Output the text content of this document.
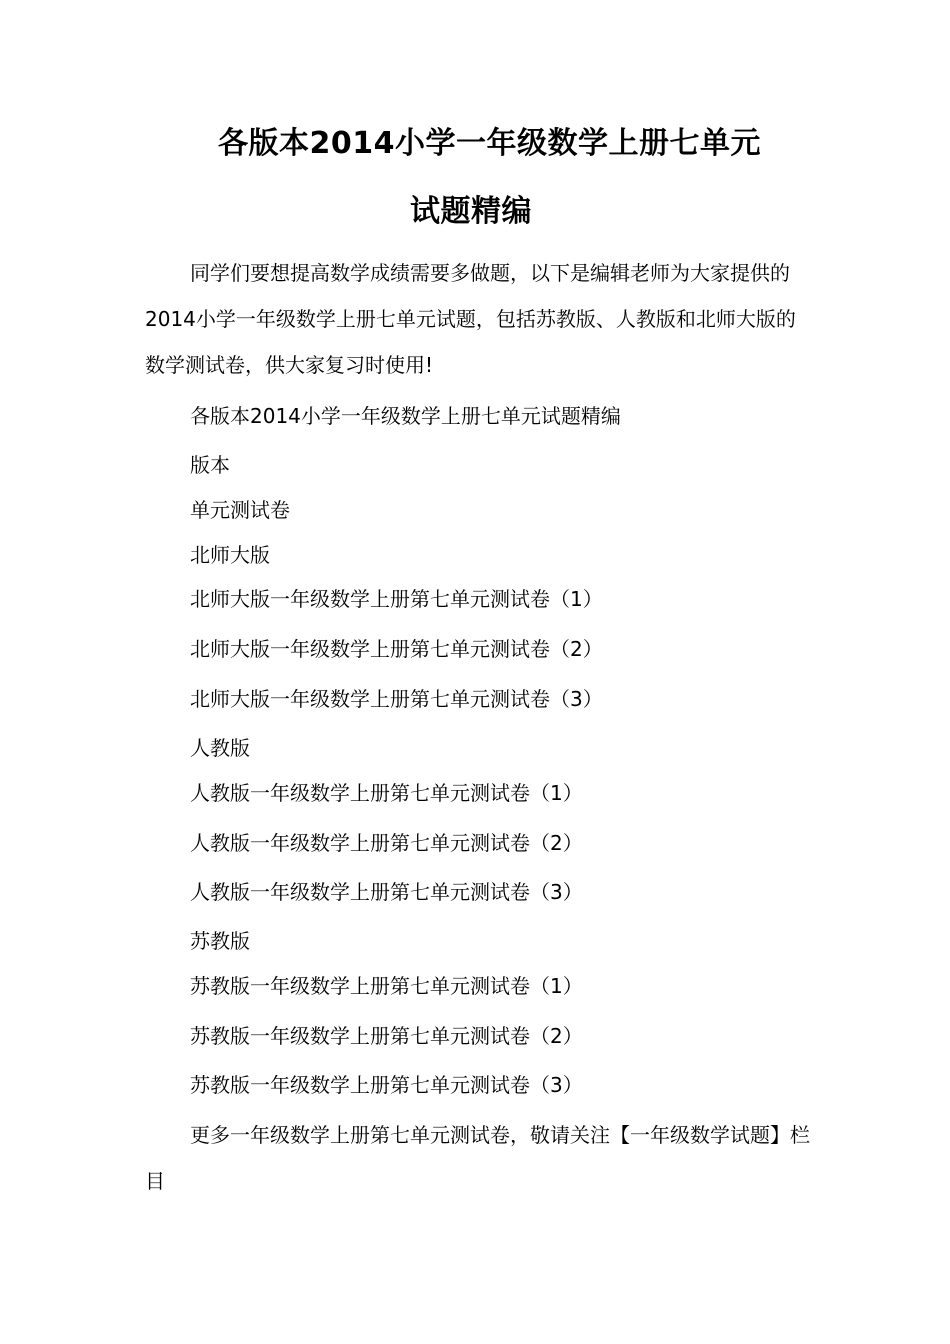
各版本2014小学一年级数学上册七单元
试题精编

同学们要想提高数学成绩需要多做题，以下是编辑老师为大家提供的2014小学一年级数学上册七单元试题，包括苏教版、人教版和北师大版的数学测试卷，供大家复习时使用!

各版本2014小学一年级数学上册七单元试题精编
版本
单元测试卷
北师大版
北师大版一年级数学上册第七单元测试卷（1）
北师大版一年级数学上册第七单元测试卷（2）
北师大版一年级数学上册第七单元测试卷（3）
人教版
人教版一年级数学上册第七单元测试卷（1）
人教版一年级数学上册第七单元测试卷（2）
人教版一年级数学上册第七单元测试卷（3）
苏教版
苏教版一年级数学上册第七单元测试卷（1）
苏教版一年级数学上册第七单元测试卷（2）
苏教版一年级数学上册第七单元测试卷（3）

更多一年级数学上册第七单元测试卷，敬请关注【一年级数学试题】栏目
